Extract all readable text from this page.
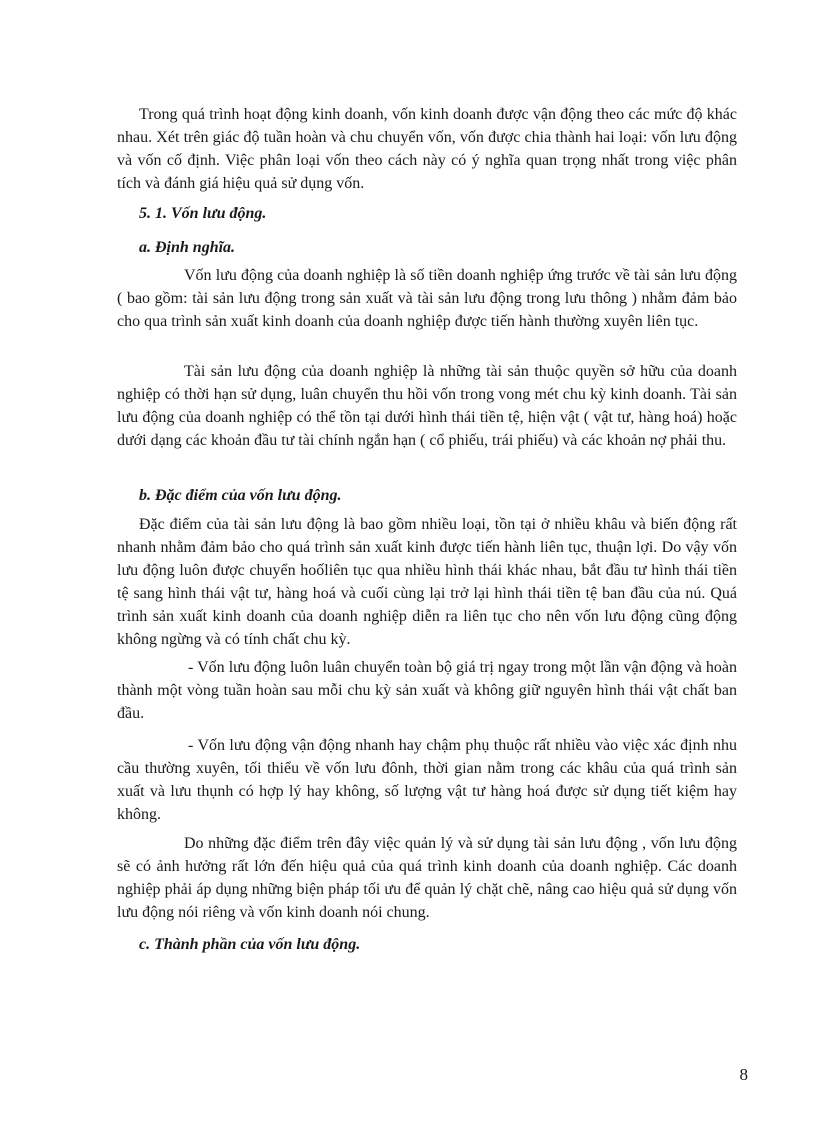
Trong quá trình hoạt động kinh doanh, vốn kinh doanh được vận động theo các mức độ khác nhau. Xét trên giác độ tuần hoàn và chu chuyển vốn, vốn được chia thành hai loại: vốn lưu động và vốn cố định. Việc phân loại vốn theo cách này có ý nghĩa quan trọng nhất trong việc phân tích và đánh giá hiệu quả sử dụng vốn.

5. 1. Vốn lưu động.

a. Định nghĩa.

Vốn lưu động của doanh nghiệp là số tiền doanh nghiệp ứng trước về tài sản lưu động ( bao gồm: tài sản lưu động trong sản xuất và tài sản lưu động trong lưu thông ) nhằm đảm bảo cho qua trình sản xuất kinh doanh của doanh nghiệp được tiến hành thường xuyên liên tục.

Tài sản lưu động của doanh nghiệp là những tài sản thuộc quyền sở hữu của doanh nghiệp có thời hạn sử dụng, luân chuyển thu hồi vốn trong vong mét chu kỳ kinh doanh. Tài sản lưu động của doanh nghiệp có thể tồn tại dưới hình thái tiền tệ, hiện vật ( vật tư, hàng hoá) hoặc dưới dạng các khoản đầu tư tài chính ngắn hạn ( cổ phiếu, trái phiếu) và các khoản nợ phải thu.

b. Đặc điểm của vốn lưu động.

Đặc điểm của tài sản lưu động là bao gồm nhiều loại, tồn tại ở nhiều khâu và biến động rất nhanh nhằm đảm bảo cho quá trình sản xuất kinh được tiến hành liên tục, thuận lợi. Do vậy vốn lưu động luôn được chuyển hoốliên tục qua nhiều hình thái khác nhau, bắt đầu tư hình thái tiền tệ sang hình thái vật tư, hàng hoá và cuối cùng lại trở lại hình thái tiền tệ ban đầu của nú. Quá trình sản xuất kinh doanh của doanh nghiệp diễn ra liên tục cho nên vốn lưu động cũng động không ngừng và có tính chất chu kỳ.

- Vốn lưu động luôn luân chuyển toàn bộ giá trị ngay trong một lần vận động và hoàn thành một vòng tuần hoàn sau mỗi chu kỳ sản xuất và không giữ nguyên hình thái vật chất ban đầu.

- Vốn lưu động vận động nhanh hay chậm phụ thuộc rất nhiều vào việc xác định nhu cầu thường xuyên, tối thiểu về vốn lưu đônh, thời gian nằm trong các khâu của quá trình sản xuất và lưu thụnh có hợp lý hay không, số lượng vật tư hàng hoá được sử dụng tiết kiệm hay không.

Do những đặc điểm trên đây việc quản lý và sử dụng tài sản lưu động , vốn lưu động sẽ có ảnh hưởng rất lớn đến hiệu quả của quá trình kinh doanh của doanh nghiệp. Các doanh nghiệp phải áp dụng những biện pháp tối ưu để quản lý chặt chẽ, nâng cao hiệu quả sử dụng vốn lưu động nói riêng và vốn kinh doanh nói chung.

c. Thành phần của vốn lưu động.

8
